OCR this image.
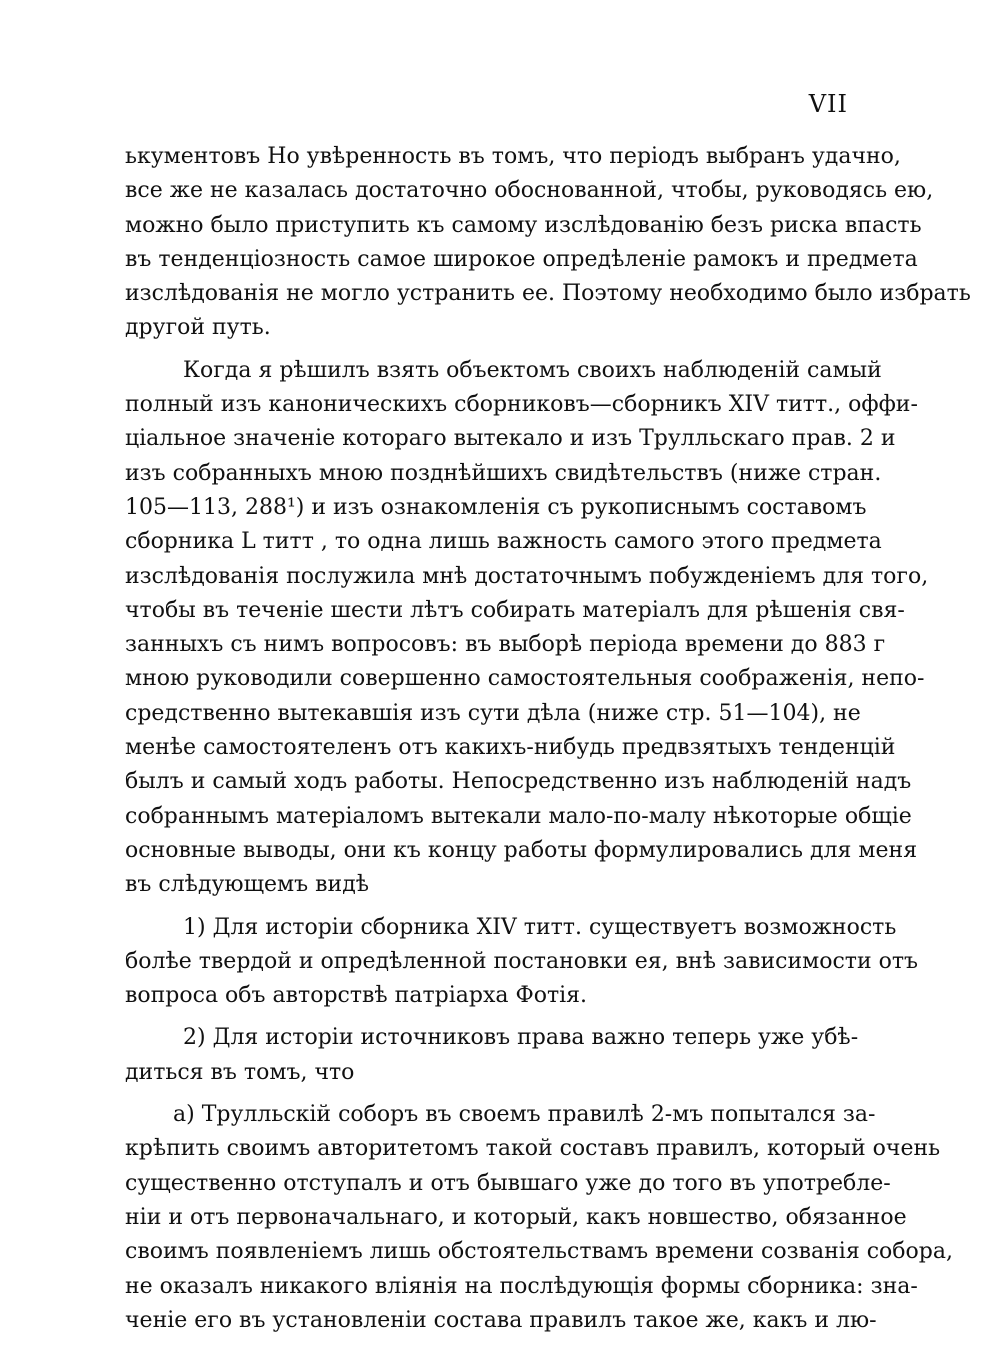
VII
ькументовъ Но увѣренность въ томъ, что періодъ выбранъ удачно,
все же не казалась достаточно обоснованной, чтобы, руководясь ею,
можно было приступить къ самому изслѣдованію безъ риска впасть
въ тенденціозность самое широкое опредѣленіе рамокъ и предмета
изслѣдованія не могло устранить ее. Поэтому необходимо было избрать
другой путь.
Когда я рѣшилъ взять объектомъ своихъ наблюденій самый
полный изъ каноническихъ сборниковъ—сборникъ XIV титт., оффи-
ціальное значеніе котораго вытекало и изъ Трулльскаго прав. 2 и
изъ собранныхъ мною позднѣйшихъ свидѣтельствъ (ниже стран.
105—113, 288¹) и изъ ознакомленія съ рукописнымъ составомъ
сборника L титт , то одна лишь важность самого этого предмета
изслѣдованія послужила мнѣ достаточнымъ побужденіемъ для того,
чтобы въ теченіе шести лѣтъ собирать матеріалъ для рѣшенія свя-
занныхъ съ нимъ вопросовъ: въ выборѣ періода времени до 883 г
мною руководили совершенно самостоятельныя соображенія, непо-
средственно вытекавшія изъ сути дѣла (ниже стр. 51—104), не
менѣе самостоятеленъ отъ какихъ-нибудь предвзятыхъ тенденцій
былъ и самый ходъ работы. Непосредственно изъ наблюденій надъ
собраннымъ матеріаломъ вытекали мало-по-малу нѣкоторые общіе
основные выводы, они къ концу работы формулировались для меня
въ слѣдующемъ видѣ
1) Для исторіи сборника XIV титт. существуетъ возможность
болѣе твердой и опредѣленной постановки ея, внѣ зависимости отъ
вопроса объ авторствѣ патріарха Фотія.
2) Для исторіи источниковъ права важно теперь уже убѣ-
диться въ томъ, что
а) Трулльскій соборъ въ своемъ правилѣ 2-мъ попытался за-
крѣпить своимъ авторитетомъ такой составъ правилъ, который очень
существенно отступалъ и отъ бывшаго уже до того въ употребле-
ніи и отъ первоначальнаго, и который, какъ новшество, обязанное
своимъ появленіемъ лишь обстоятельствамъ времени созванія собора,
не оказалъ никакого вліянія на послѣдующія формы сборника: зна-
ченіе его въ установленіи состава правилъ такое же, какъ и лю-
